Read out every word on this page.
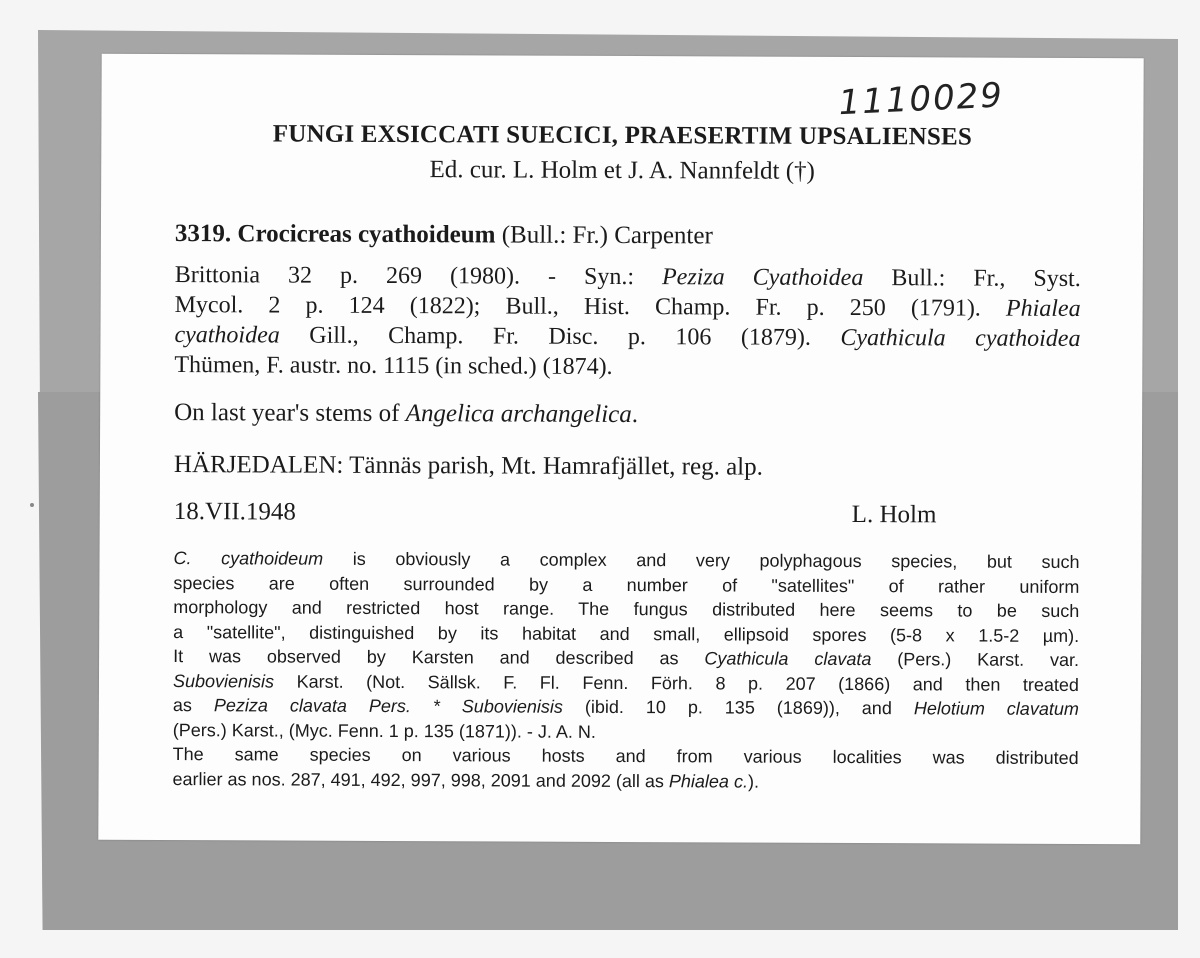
1110029
FUNGI EXSICCATI SUECICI, PRAESERTIM UPSALIENSES
Ed. cur. L. Holm et J. A. Nannfeldt (†)
3319. Crocicreas cyathoideum (Bull.: Fr.) Carpenter
Brittonia 32 p. 269 (1980). - Syn.: Peziza Cyathoidea Bull.: Fr., Syst.
Mycol. 2 p. 124 (1822); Bull., Hist. Champ. Fr. p. 250 (1791). Phialea
cyathoidea Gill., Champ. Fr. Disc. p. 106 (1879). Cyathicula cyathoidea
Thümen, F. austr. no. 1115 (in sched.) (1874).
On last year's stems of Angelica archangelica.
HÄRJEDALEN: Tännäs parish, Mt. Hamrafjället, reg. alp.
18.VII.1948	L. Holm
C. cyathoideum is obviously a complex and very polyphagous species, but such
species are often surrounded by a number of "satellites" of rather uniform
morphology and restricted host range. The fungus distributed here seems to be such
a "satellite", distinguished by its habitat and small, ellipsoid spores (5-8 x 1.5-2 µm).
It was observed by Karsten and described as Cyathicula clavata (Pers.) Karst. var.
Subovienisis Karst. (Not. Sällsk. F. Fl. Fenn. Förh. 8 p. 207 (1866) and then treated
as Peziza clavata Pers. * Subovienisis (ibid. 10 p. 135 (1869)), and Helotium clavatum
(Pers.) Karst., (Myc. Fenn. 1 p. 135 (1871)). - J. A. N.
The same species on various hosts and from various localities was distributed
earlier as nos. 287, 491, 492, 997, 998, 2091 and 2092 (all as Phialea c.).
